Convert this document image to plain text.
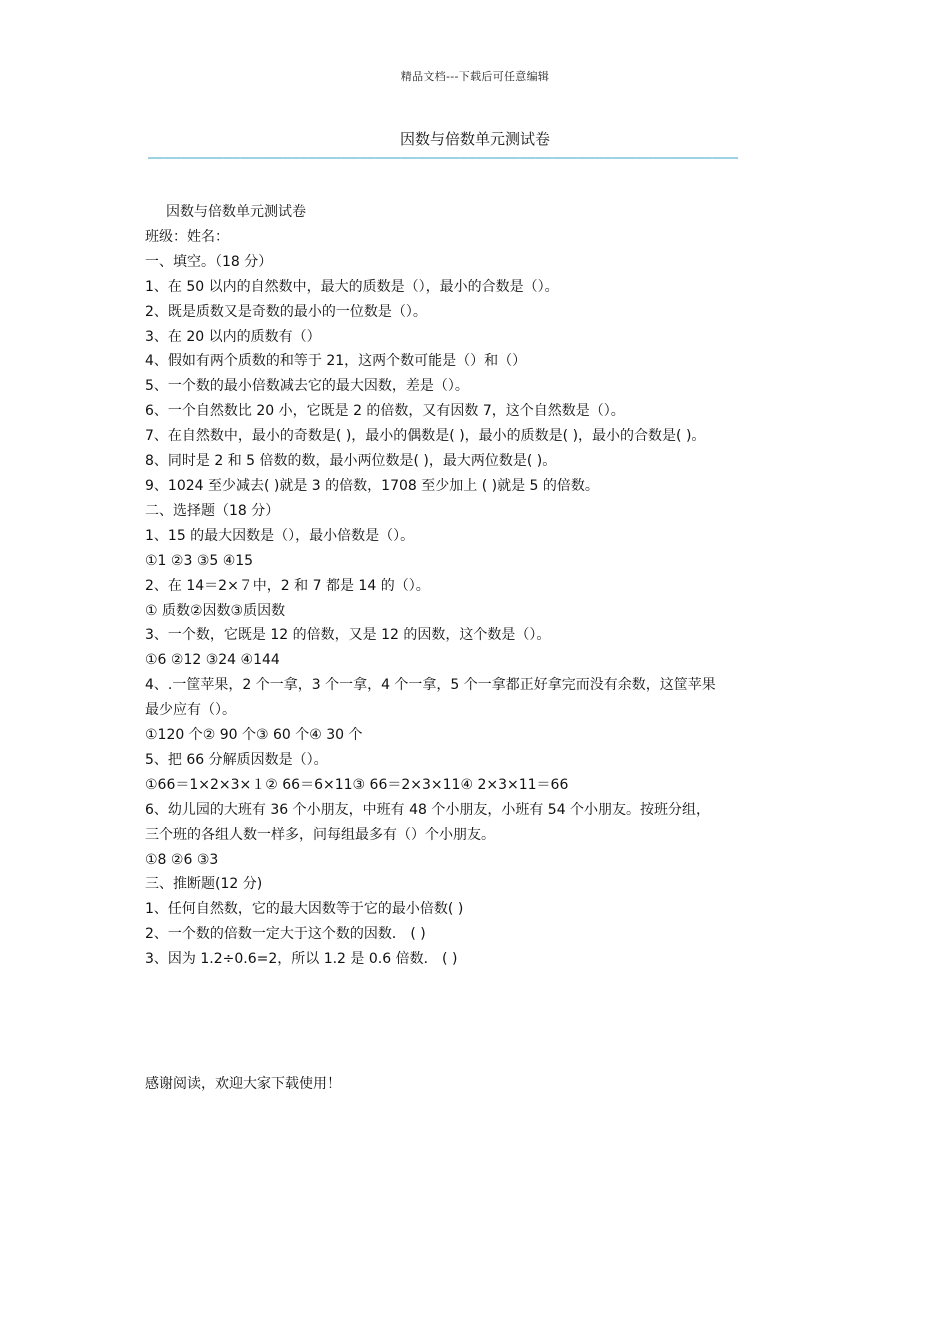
精品文档---下载后可任意编辑
因数与倍数单元测试卷
——————————————————————————————————————————————————————————————————————
因数与倍数单元测试卷
班级：姓名：
一、填空。（18 分）
1、在 50 以内的自然数中，最大的质数是（），最小的合数是（）。
2、既是质数又是奇数的最小的一位数是（）。
3、在 20 以内的质数有（）
4、假如有两个质数的和等于 21，这两个数可能是（）和（）
5、一个数的最小倍数减去它的最大因数，差是（）。
6、一个自然数比 20 小，它既是 2 的倍数，又有因数 7，这个自然数是（）。
7、在自然数中，最小的奇数是( )，最小的偶数是( )，最小的质数是( )，最小的合数是( )。
8、同时是 2 和 5 倍数的数，最小两位数是( )，最大两位数是( )。
9、1024 至少减去( )就是 3 的倍数，1708 至少加上 ( )就是 5 的倍数。
二、选择题（18 分）
1、15 的最大因数是（），最小倍数是（）。
①1 ②3 ③5 ④15
2、在 14＝2×７中，2 和 7 都是 14 的（）。
① 质数②因数③质因数
3、一个数，它既是 12 的倍数，又是 12 的因数，这个数是（）。
①6 ②12 ③24 ④144
4、.一筐苹果，2 个一拿，3 个一拿，4 个一拿，5 个一拿都正好拿完而没有余数，这筐苹果
最少应有（）。
①120 个② 90 个③ 60 个④ 30 个
5、把 66 分解质因数是（）。
①66＝1×2×3×１② 66＝6×11③ 66＝2×3×11④ 2×3×11＝66
6、幼儿园的大班有 36 个小朋友，中班有 48 个小朋友，小班有 54 个小朋友。按班分组，
三个班的各组人数一样多，问每组最多有（）个小朋友。
①8 ②6 ③3
三、推断题(12 分)
1、任何自然数，它的最大因数等于它的最小倍数( )
2、一个数的倍数一定大于这个数的因数． ( )
3、因为 1.2÷0.6=2，所以 1.2 是 0.6 倍数． ( )
感谢阅读，欢迎大家下载使用！
